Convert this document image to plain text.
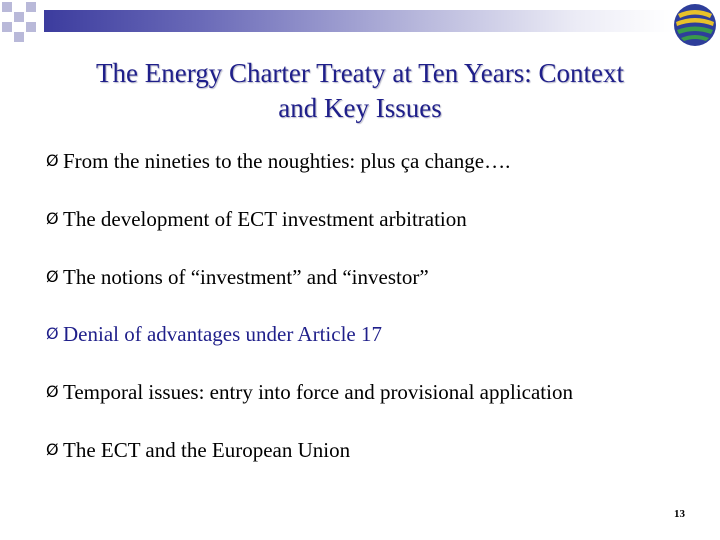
The Energy Charter Treaty at Ten Years: Context
and Key Issues
Ø From the nineties to the noughties: plus ça change….
Ø The development of ECT investment arbitration
Ø The notions of “investment” and “investor”
Ø Denial of advantages under Article 17
Ø Temporal issues: entry into force and provisional application
Ø The ECT and the European Union
13
